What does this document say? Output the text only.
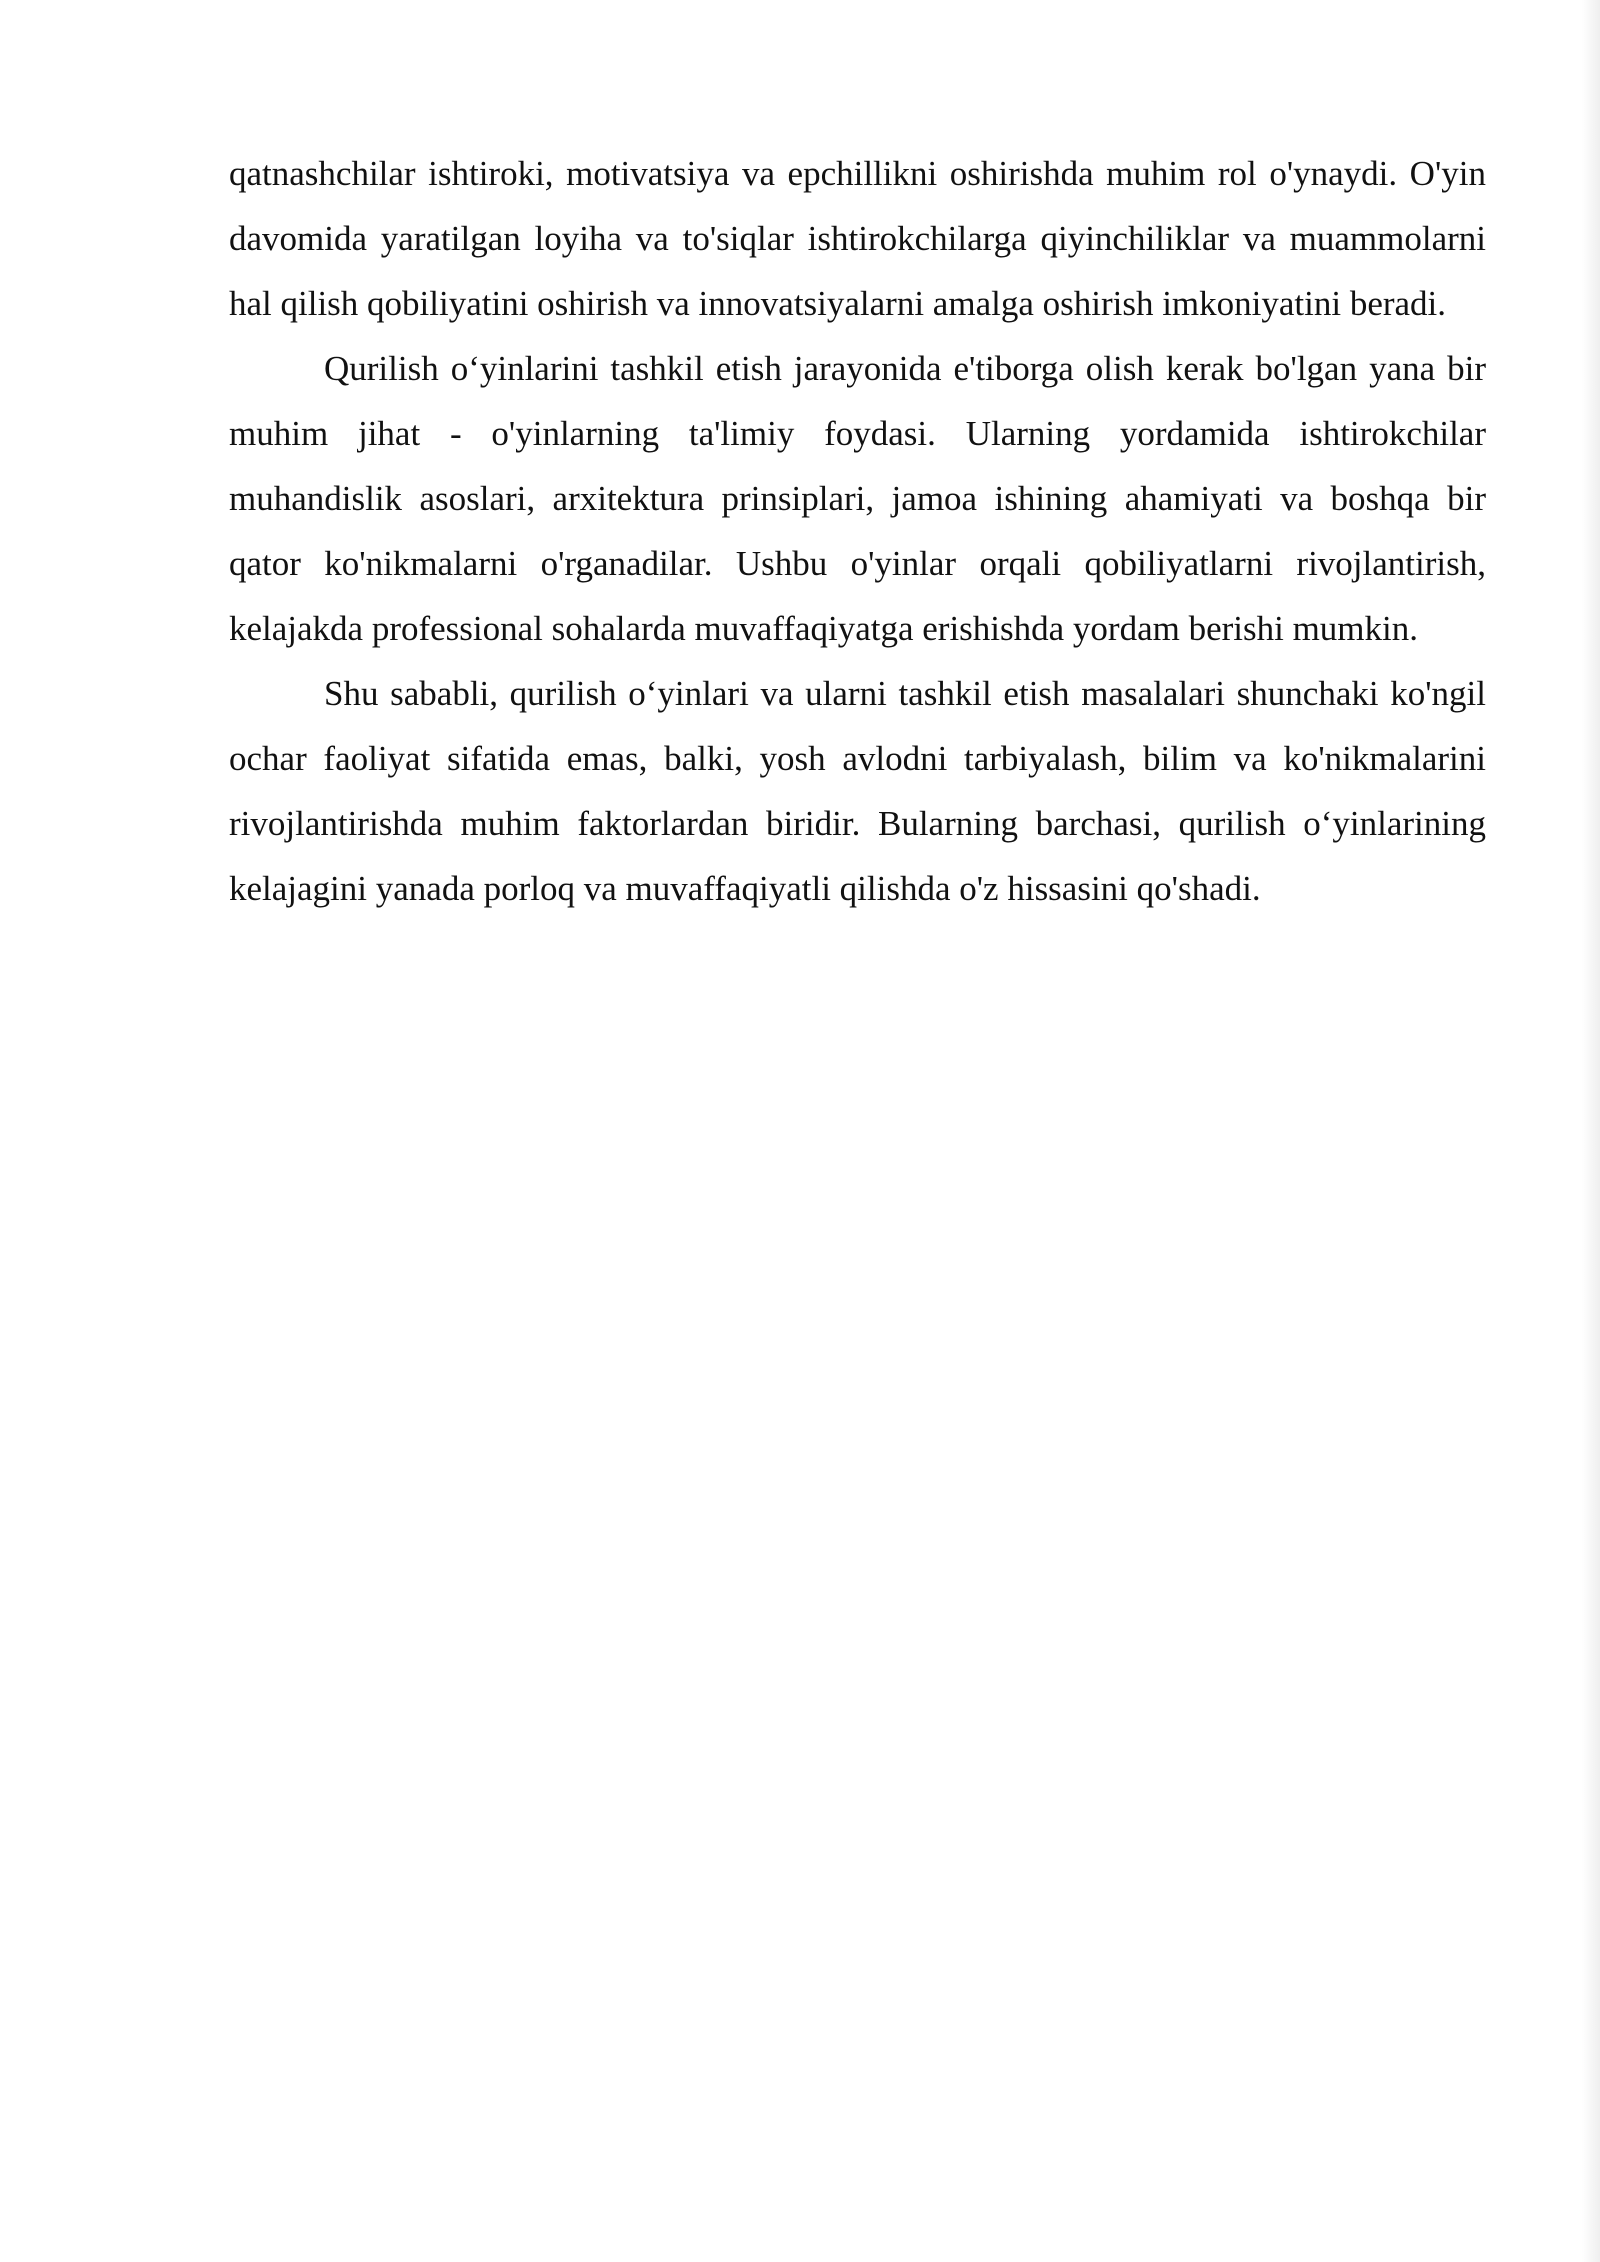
qatnashchilar ishtiroki, motivatsiya va epchillikni oshirishda muhim rol o'ynaydi. O'yin davomida yaratilgan loyiha va to'siqlar ishtirokchilarga qiyinchiliklar va muammolarni hal qilish qobiliyatini oshirish va innovatsiyalarni amalga oshirish imkoniyatini beradi.

Qurilish o‘yinlarini tashkil etish jarayonida e'tiborga olish kerak bo'lgan yana bir muhim jihat - o'yinlarning ta'limiy foydasi. Ularning yordamida ishtirokchilar muhandislik asoslari, arxitektura prinsiplari, jamoa ishining ahamiyati va boshqa bir qator ko'nikmalarni o'rganadilar. Ushbu o'yinlar orqali qobiliyatlarni rivojlantirish, kelajakda professional sohalarda muvaffaqiyatga erishishda yordam berishi mumkin.

Shu sababli, qurilish o‘yinlari va ularni tashkil etish masalalari shunchaki ko'ngil ochar faoliyat sifatida emas, balki, yosh avlodni tarbiyalash, bilim va ko'nikmalarini rivojlantirishda muhim faktorlardan biridir. Bularning barchasi, qurilish o‘yinlarining kelajagini yanada porloq va muvaffaqiyatli qilishda o'z hissasini qo'shadi.
